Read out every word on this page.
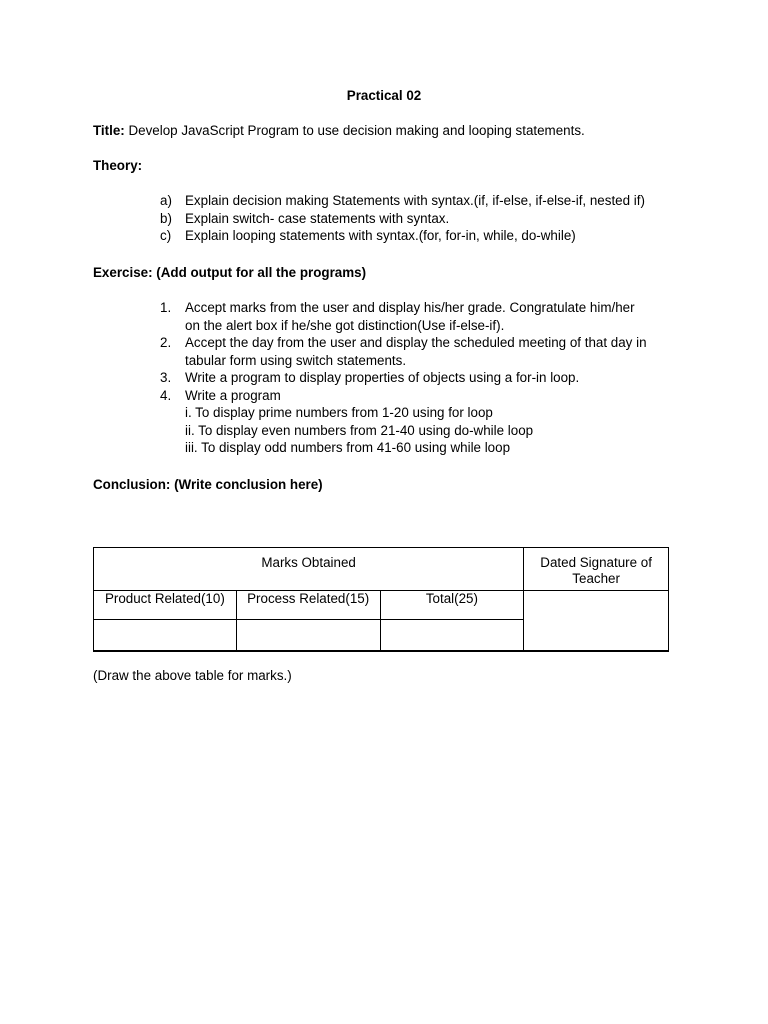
Practical 02
Title: Develop JavaScript Program to use decision making and looping statements.
Theory:
a) Explain decision making Statements with syntax.(if, if-else, if-else-if, nested if)
b) Explain switch- case statements with syntax.
c) Explain looping statements with syntax.(for, for-in, while, do-while)
Exercise: (Add output for all the programs)
1. Accept marks from the user and display his/her grade. Congratulate him/her
on the alert box if he/she got distinction(Use if-else-if).
2. Accept the day from the user and display the scheduled meeting of that day in
tabular form using switch statements.
3. Write a program to display properties of objects using a for-in loop.
4. Write a program
i. To display prime numbers from 1-20 using for loop
ii. To display even numbers from 21-40 using do-while loop
iii. To display odd numbers from 41-60 using while loop
Conclusion: (Write conclusion here)
Marks Obtained			Dated Signature of
Teacher

Product Related(10)	Process Related(15)	Total(25)	

(Draw the above table for marks.)
